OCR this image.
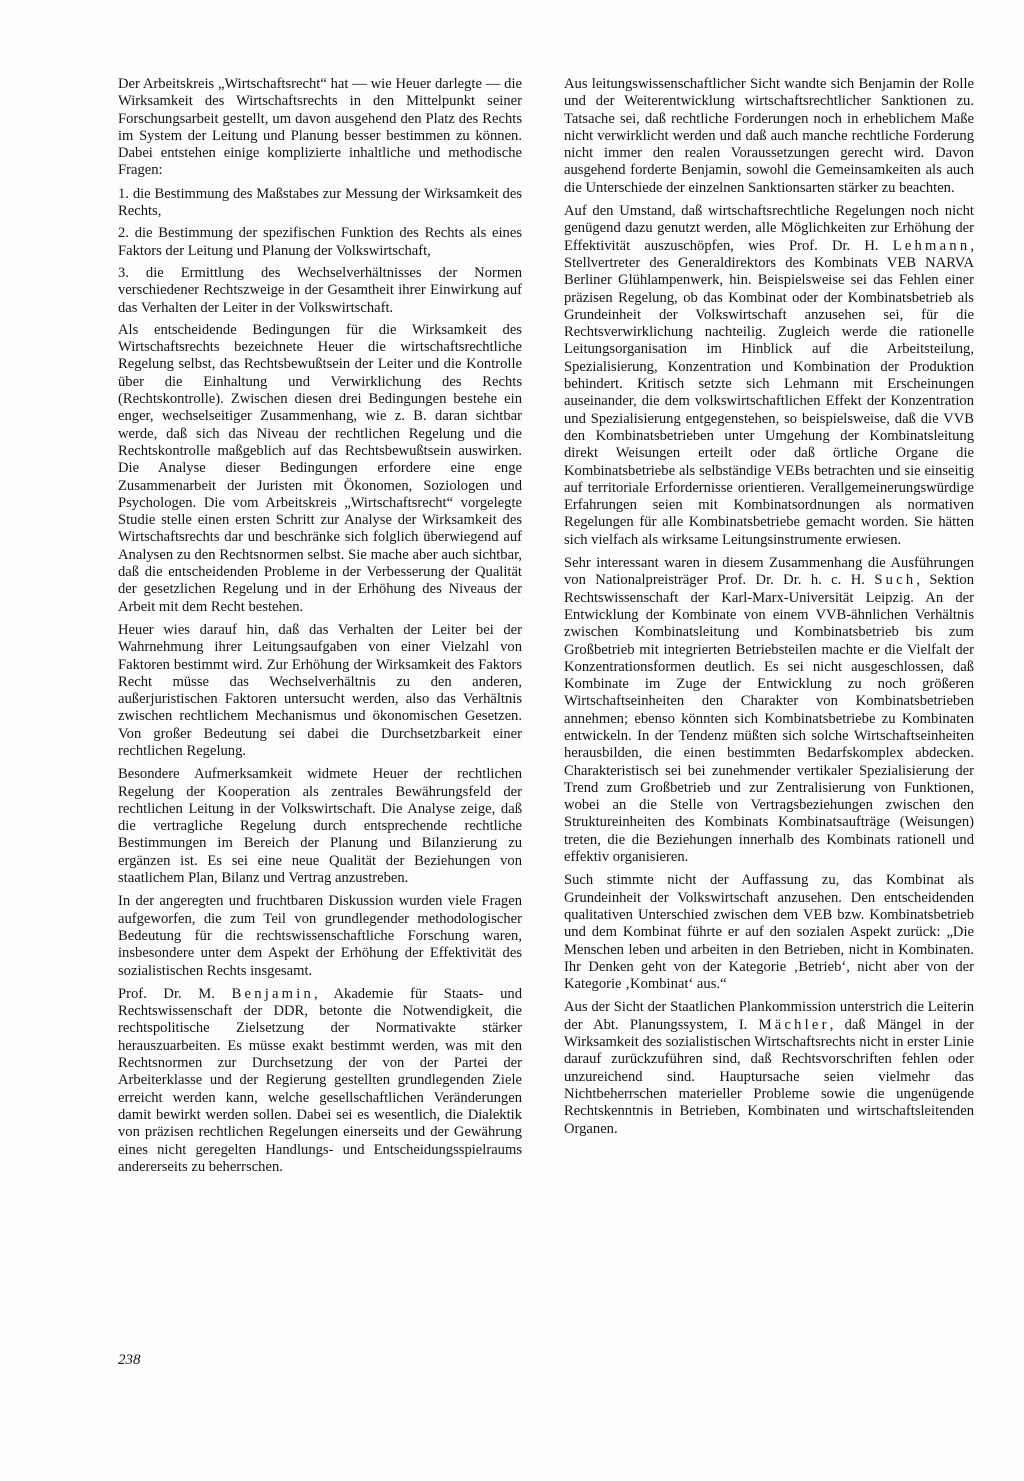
Der Arbeitskreis „Wirtschaftsrecht“ hat — wie Heuer darlegte — die Wirksamkeit des Wirtschaftsrechts in den Mittelpunkt seiner Forschungsarbeit gestellt, um davon ausgehend den Platz des Rechts im System der Leitung und Planung besser bestimmen zu können. Dabei entstehen einige komplizierte inhaltliche und methodische Fragen:

1. die Bestimmung des Maßstabes zur Messung der Wirksamkeit des Rechts,

2. die Bestimmung der spezifischen Funktion des Rechts als eines Faktors der Leitung und Planung der Volkswirtschaft,

3. die Ermittlung des Wechselverhältnisses der Normen verschiedener Rechtszweige in der Gesamtheit ihrer Einwirkung auf das Verhalten der Leiter in der Volkswirtschaft.

Als entscheidende Bedingungen für die Wirksamkeit des Wirtschaftsrechts bezeichnete Heuer die wirtschaftsrechtliche Regelung selbst, das Rechtsbewußtsein der Leiter und die Kontrolle über die Einhaltung und Verwirklichung des Rechts (Rechtskontrolle). Zwischen diesen drei Bedingungen bestehe ein enger, wechselseitiger Zusammenhang, wie z. B. daran sichtbar werde, daß sich das Niveau der rechtlichen Regelung und die Rechtskontrolle maßgeblich auf das Rechtsbewußtsein auswirken. Die Analyse dieser Bedingungen erfordere eine enge Zusammenarbeit der Juristen mit Ökonomen, Soziologen und Psychologen. Die vom Arbeitskreis „Wirtschaftsrecht“ vorgelegte Studie stelle einen ersten Schritt zur Analyse der Wirksamkeit des Wirtschaftsrechts dar und beschränke sich folglich überwiegend auf Analysen zu den Rechtsnormen selbst. Sie mache aber auch sichtbar, daß die entscheidenden Probleme in der Verbesserung der Qualität der gesetzlichen Regelung und in der Erhöhung des Niveaus der Arbeit mit dem Recht bestehen.

Heuer wies darauf hin, daß das Verhalten der Leiter bei der Wahrnehmung ihrer Leitungsaufgaben von einer Vielzahl von Faktoren bestimmt wird. Zur Erhöhung der Wirksamkeit des Faktors Recht müsse das Wechselverhältnis zu den anderen, außerjuristischen Faktoren untersucht werden, also das Verhältnis zwischen rechtlichem Mechanismus und ökonomischen Gesetzen. Von großer Bedeutung sei dabei die Durchsetzbarkeit einer rechtlichen Regelung.

Besondere Aufmerksamkeit widmete Heuer der rechtlichen Regelung der Kooperation als zentrales Bewährungsfeld der rechtlichen Leitung in der Volkswirtschaft. Die Analyse zeige, daß die vertragliche Regelung durch entsprechende rechtliche Bestimmungen im Bereich der Planung und Bilanzierung zu ergänzen ist. Es sei eine neue Qualität der Beziehungen von staatlichem Plan, Bilanz und Vertrag anzustreben.

In der angeregten und fruchtbaren Diskussion wurden viele Fragen aufgeworfen, die zum Teil von grundlegender methodologischer Bedeutung für die rechtswissenschaftliche Forschung waren, insbesondere unter dem Aspekt der Erhöhung der Effektivität des sozialistischen Rechts insgesamt.

Prof. Dr. M. Benjamin, Akademie für Staats- und Rechtswissenschaft der DDR, betonte die Notwendigkeit, die rechtspolitische Zielsetzung der Normativakte stärker herauszuarbeiten. Es müsse exakt bestimmt werden, was mit den Rechtsnormen zur Durchsetzung der von der Partei der Arbeiterklasse und der Regierung gestellten grundlegenden Ziele erreicht werden kann, welche gesellschaftlichen Veränderungen damit bewirkt werden sollen. Dabei sei es wesentlich, die Dialektik von präzisen rechtlichen Regelungen einerseits und der Gewährung eines nicht geregelten Handlungs- und Entscheidungsspielraums andererseits zu beherrschen.

Aus leitungswissenschaftlicher Sicht wandte sich Benjamin der Rolle und der Weiterentwicklung wirtschaftsrechtlicher Sanktionen zu. Tatsache sei, daß rechtliche Forderungen noch in erheblichem Maße nicht verwirklicht werden und daß auch manche rechtliche Forderung nicht immer den realen Voraussetzungen gerecht wird. Davon ausgehend forderte Benjamin, sowohl die Gemeinsamkeiten als auch die Unterschiede der einzelnen Sanktionsarten stärker zu beachten.

Auf den Umstand, daß wirtschaftsrechtliche Regelungen noch nicht genügend dazu genutzt werden, alle Möglichkeiten zur Erhöhung der Effektivität auszuschöpfen, wies Prof. Dr. H. Lehmann, Stellvertreter des Generaldirektors des Kombinats VEB NARVA Berliner Glühlampenwerk, hin. Beispielsweise sei das Fehlen einer präzisen Regelung, ob das Kombinat oder der Kombinatsbetrieb als Grundeinheit der Volkswirtschaft anzusehen sei, für die Rechtsverwirklichung nachteilig. Zugleich werde die rationelle Leitungsorganisation im Hinblick auf die Arbeitsteilung, Spezialisierung, Konzentration und Kombination der Produktion behindert. Kritisch setzte sich Lehmann mit Erscheinungen auseinander, die dem volkswirtschaftlichen Effekt der Konzentration und Spezialisierung entgegenstehen, so beispielsweise, daß die VVB den Kombinatsbetrieben unter Umgehung der Kombinatsleitung direkt Weisungen erteilt oder daß örtliche Organe die Kombinatsbetriebe als selbständige VEBs betrachten und sie einseitig auf territoriale Erfordernisse orientieren. Verallgemeinerungswürdige Erfahrungen seien mit Kombinatsordnungen als normativen Regelungen für alle Kombinatsbetriebe gemacht worden. Sie hätten sich vielfach als wirksame Leitungsinstrumente erwiesen.

Sehr interessant waren in diesem Zusammenhang die Ausführungen von Nationalpreisträger Prof. Dr. Dr. h. c. H. Such, Sektion Rechtswissenschaft der Karl-Marx-Universität Leipzig. An der Entwicklung der Kombinate von einem VVB-ähnlichen Verhältnis zwischen Kombinatsleitung und Kombinatsbetrieb bis zum Großbetrieb mit integrierten Betriebsteilen machte er die Vielfalt der Konzentrationsformen deutlich. Es sei nicht ausgeschlossen, daß Kombinate im Zuge der Entwicklung zu noch größeren Wirtschaftseinheiten den Charakter von Kombinatsbetrieben annehmen; ebenso könnten sich Kombinatsbetriebe zu Kombinaten entwickeln. In der Tendenz müßten sich solche Wirtschaftseinheiten herausbilden, die einen bestimmten Bedarfskomplex abdecken. Charakteristisch sei bei zunehmender vertikaler Spezialisierung der Trend zum Großbetrieb und zur Zentralisierung von Funktionen, wobei an die Stelle von Vertragsbeziehungen zwischen den Struktureinheiten des Kombinats Kombinatsaufträge (Weisungen) treten, die die Beziehungen innerhalb des Kombinats rationell und effektiv organisieren.

Such stimmte nicht der Auffassung zu, das Kombinat als Grundeinheit der Volkswirtschaft anzusehen. Den entscheidenden qualitativen Unterschied zwischen dem VEB bzw. Kombinatsbetrieb und dem Kombinat führte er auf den sozialen Aspekt zurück: „Die Menschen leben und arbeiten in den Betrieben, nicht in Kombinaten. Ihr Denken geht von der Kategorie ‚Betrieb‘, nicht aber von der Kategorie ‚Kombinat‘ aus.“

Aus der Sicht der Staatlichen Plankommission unterstrich die Leiterin der Abt. Planungssystem, I. Mächler, daß Mängel in der Wirksamkeit des sozialistischen Wirtschaftsrechts nicht in erster Linie darauf zurückzuführen sind, daß Rechtsvorschriften fehlen oder unzureichend sind. Hauptursache seien vielmehr das Nichtbeherrschen materieller Probleme sowie die ungenügende Rechtskenntnis in Betrieben, Kombinaten und wirtschaftsleitenden Organen.

238
